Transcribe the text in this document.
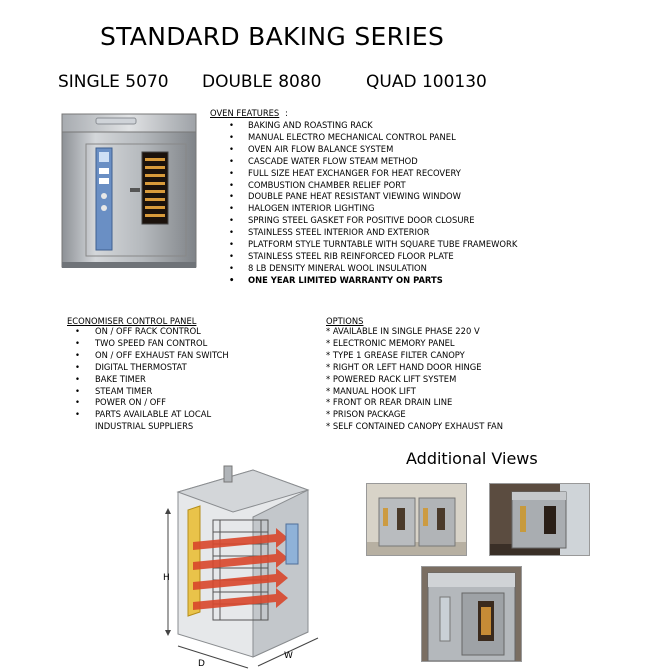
STANDARD BAKING SERIES
SINGLE 5070 DOUBLE 8080	QUAD 100130
OVEN FEATURES :
• BAKING AND ROASTING RACK
• MANUAL ELECTRO MECHANICAL CONTROL PANEL
• OVEN AIR FLOW BALANCE SYSTEM
• CASCADE WATER FLOW STEAM METHOD
• FULL SIZE HEAT EXCHANGER FOR HEAT RECOVERY
• COMBUSTION CHAMBER RELIEF PORT
• DOUBLE PANE HEAT RESISTANT VIEWING WINDOW
• HALOGEN INTERIOR LIGHTING
• SPRING STEEL GASKET FOR POSITIVE DOOR CLOSURE
• STAINLESS STEEL INTERIOR AND EXTERIOR
• PLATFORM STYLE TURNTABLE WITH SQUARE TUBE FRAMEWORK
• STAINLESS STEEL RIB REINFORCED FLOOR PLATE
• 8 LB DENSITY MINERAL WOOL INSULATION
• ONE YEAR LIMITED WARRANTY ON PARTS
ECONOMISER CONTROL PANEL
• ON / OFF RACK CONTROL
• TWO SPEED FAN CONTROL
• ON / OFF EXHAUST FAN SWITCH
• DIGITAL THERMOSTAT
• BAKE TIMER
• STEAM TIMER
• POWER ON / OFF
• PARTS AVAILABLE AT LOCAL
INDUSTRIAL SUPPLIERS
OPTIONS
* AVAILABLE IN SINGLE PHASE 220 V
* ELECTRONIC MEMORY PANEL
* TYPE 1 GREASE FILTER CANOPY
* RIGHT OR LEFT HAND DOOR HINGE
* POWERED RACK LIFT SYSTEM
* MANUAL HOOK LIFT
* FRONT OR REAR DRAIN LINE
* PRISON PACKAGE
* SELF CONTAINED CANOPY EXHAUST FAN
H
D
W
Additional Views
